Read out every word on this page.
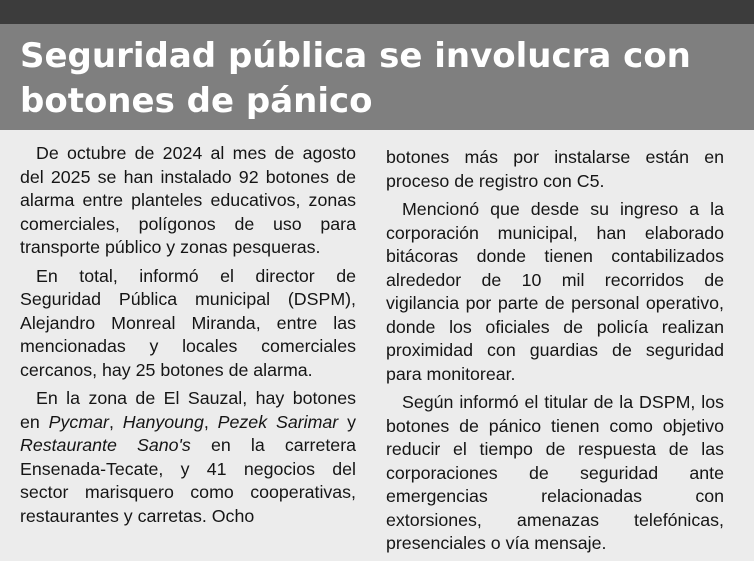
Seguridad pública se involucra con botones de pánico

De octubre de 2024 al mes de agosto del 2025 se han instalado 92 botones de alarma entre planteles educativos, zonas comerciales, polígonos de uso para transporte público y zonas pesqueras.

En total, informó el director de Seguridad Pública municipal (DSPM), Alejandro Monreal Miranda, entre las mencionadas y locales comerciales cercanos, hay 25 botones de alarma.

En la zona de El Sauzal, hay botones en Pycmar, Hanyoung, Pezek Sarimar y Restaurante Sano's en la carretera Ensenada-Tecate, y 41 negocios del sector marisquero como cooperativas, restaurantes y carretas. Ocho

botones más por instalarse están en proceso de registro con C5.

Mencionó que desde su ingreso a la corporación municipal, han elaborado bitácoras donde tienen contabilizados alrededor de 10 mil recorridos de vigilancia por parte de personal operativo, donde los oficiales de policía realizan proximidad con guardias de seguridad para monitorear.

Según informó el titular de la DSPM, los botones de pánico tienen como objetivo reducir el tiempo de respuesta de las corporaciones de seguridad ante emergencias relacionadas con extorsiones, amenazas telefónicas, presenciales o vía mensaje.
